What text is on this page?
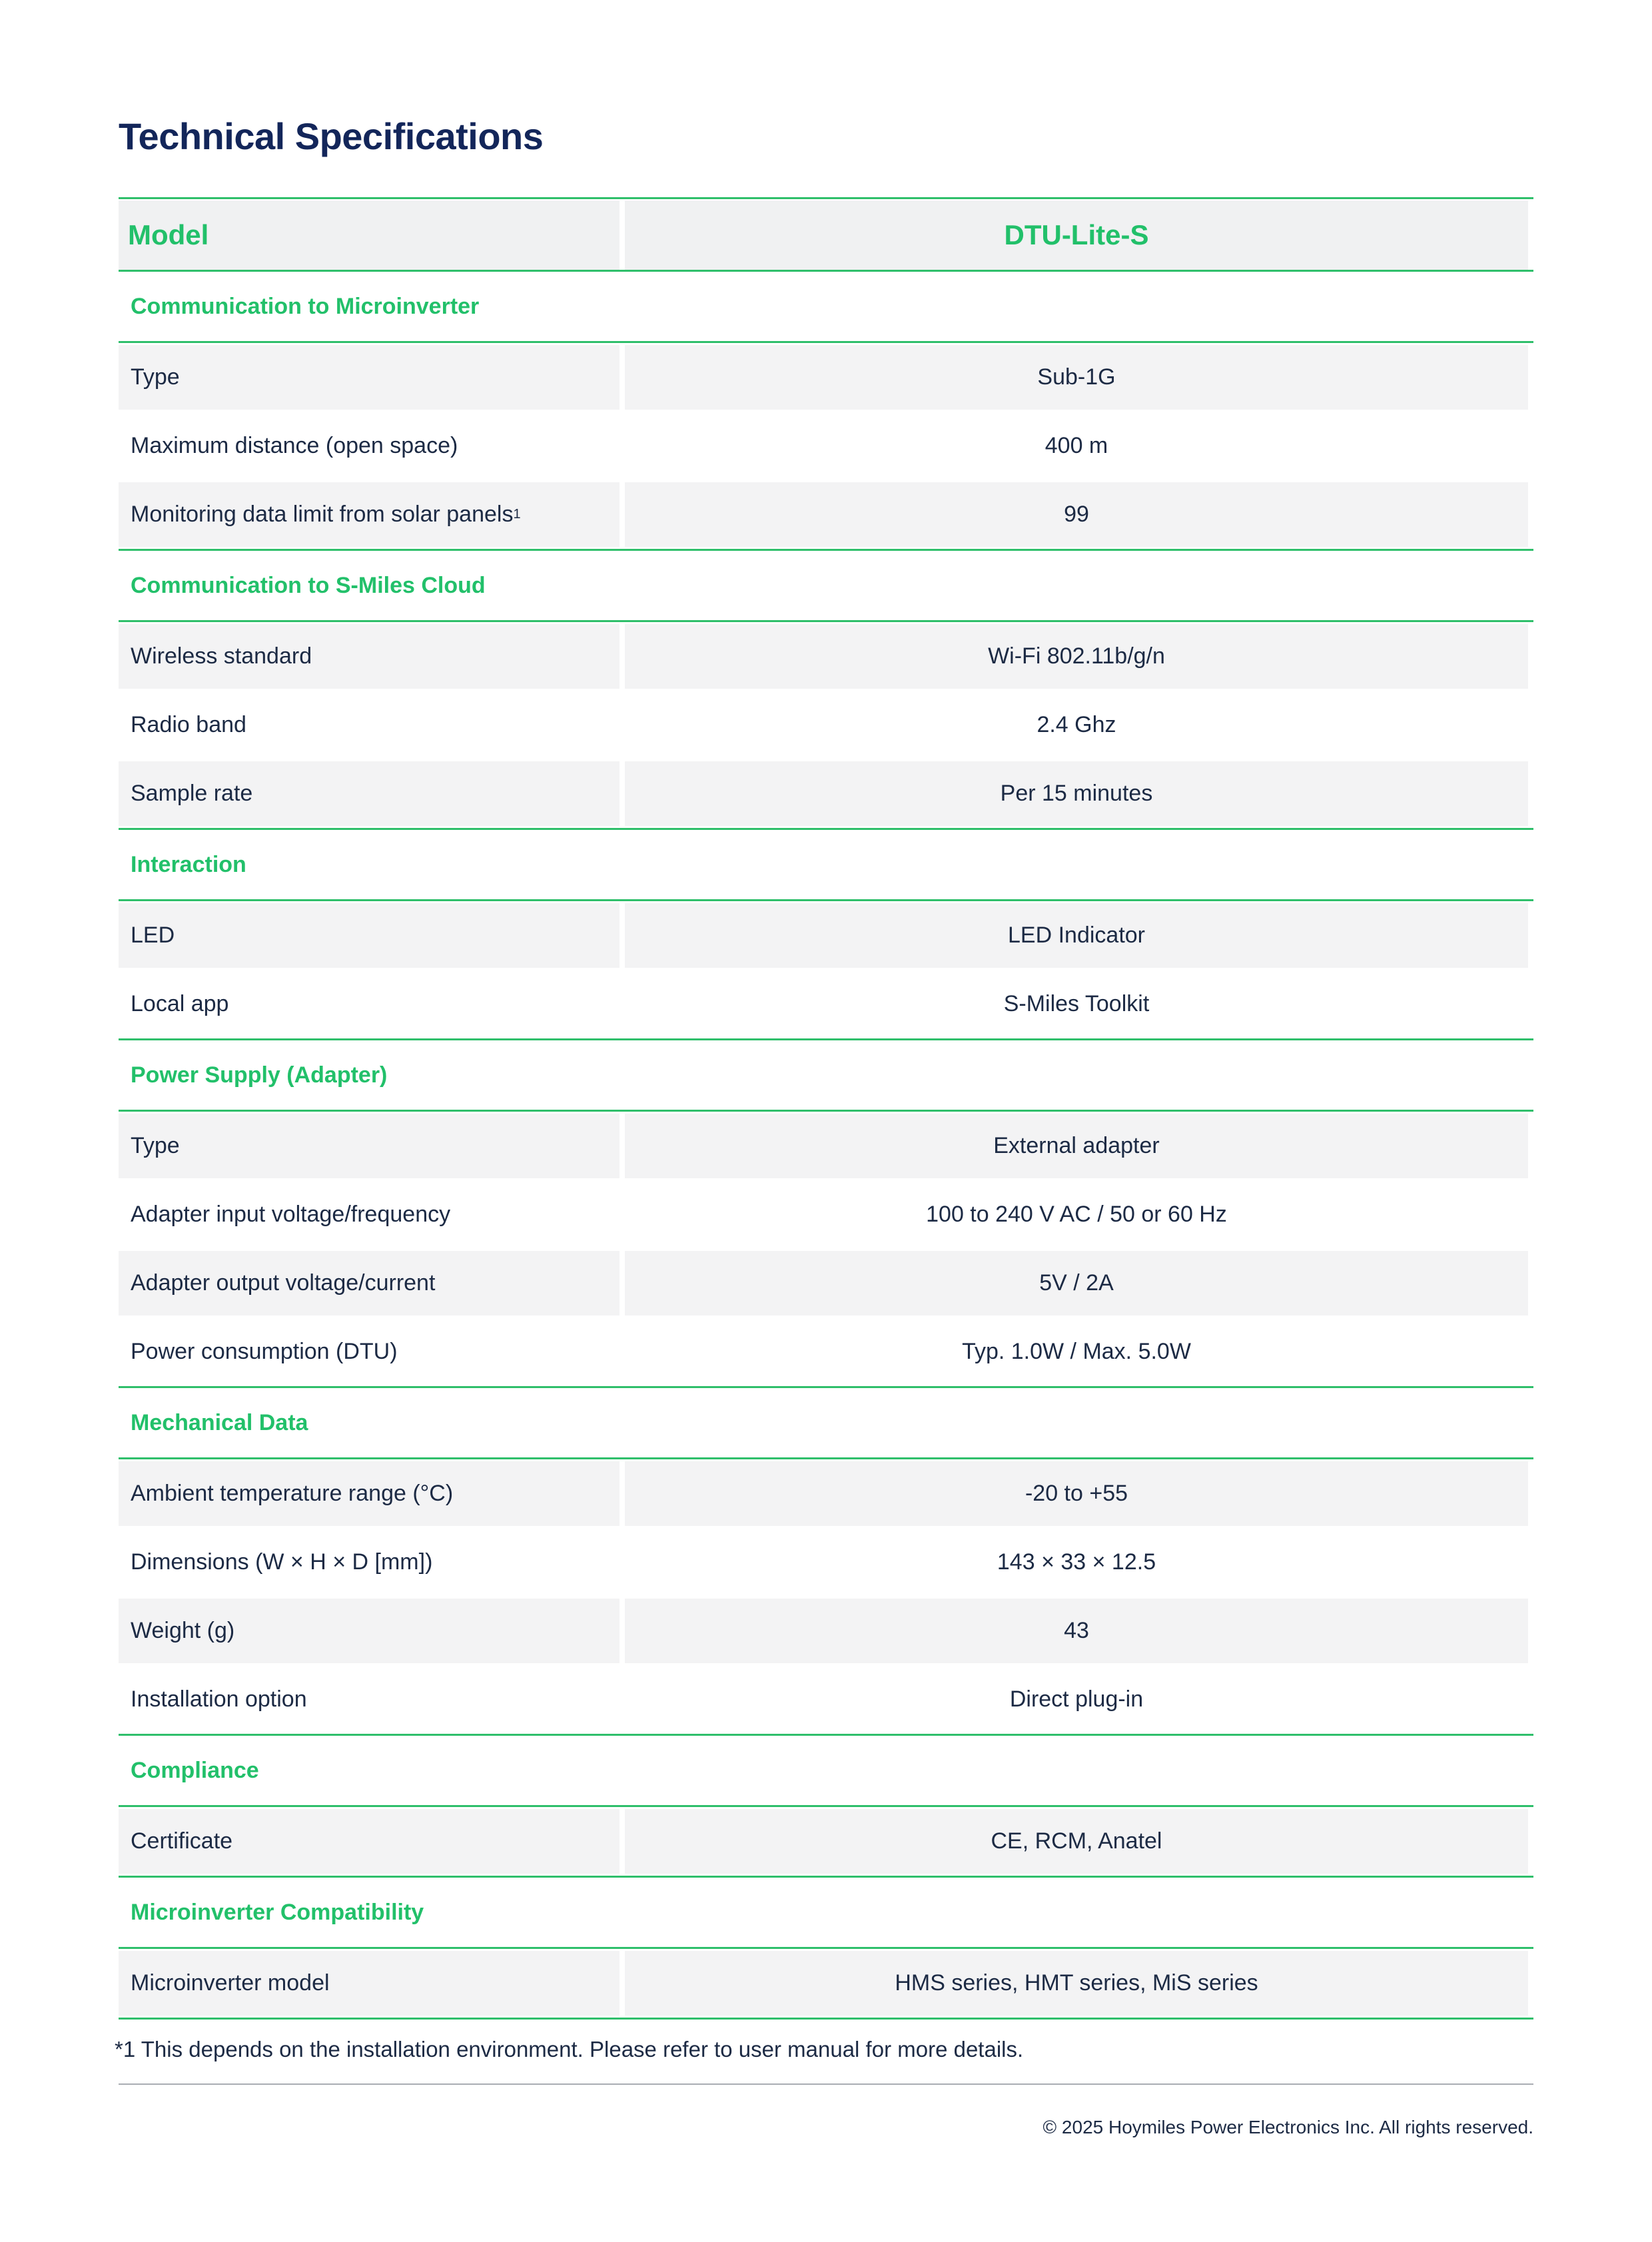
Technical Specifications
Model	DTU-Lite-S
Communication to Microinverter
Type	Sub-1G
Maximum distance (open space)	400 m
Monitoring data limit from solar panels 1	99
Communication to S-Miles Cloud
Wireless standard	Wi-Fi 802.11b/g/n
Radio band	2.4 Ghz
Sample rate	Per 15 minutes
Interaction
LED	LED Indicator
Local app	S-Miles Toolkit
Power Supply (Adapter)
Type	External adapter
Adapter input voltage/frequency	100 to 240 V AC / 50 or 60 Hz
Adapter output voltage/current	5V / 2A
Power consumption (DTU)	Typ. 1.0W / Max. 5.0W
Mechanical Data
Ambient temperature range (°C)	-20 to +55
Dimensions (W × H × D [mm])	143 × 33 × 12.5
Weight (g)	43
Installation option	Direct plug-in
Compliance
Certificate	CE, RCM, Anatel
Microinverter Compatibility
Microinverter model	HMS series, HMT series, MiS series
*1 This depends on the installation environment. Please refer to user manual for more details.
© 2025 Hoymiles Power Electronics Inc. All rights reserved.
